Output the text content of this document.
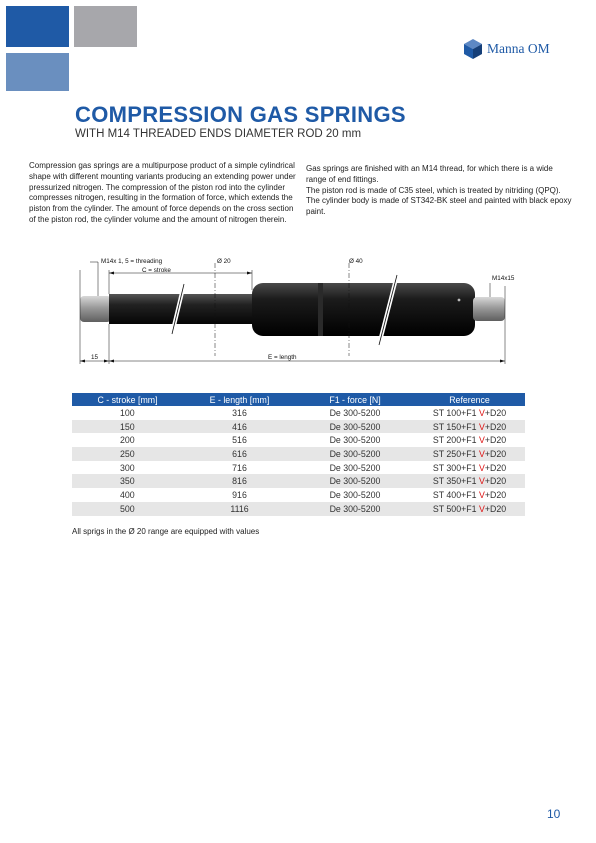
Manna OM
COMPRESSION GAS SPRINGS
WITH M14 THREADED ENDS DIAMETER ROD 20 mm
Compression gas springs are a multipurpose product of a simple cylindrical shape with different mounting variants producing an extending power under pressurized nitrogen. The compression of the piston rod into the cylinder compresses nitrogen, resulting in the formation of force, which extends the piston from the cylinder. The amount of force depends on the cross section of the piston rod, the cylinder volume and the amount of nitrogen therein.
Gas springs are finished with an M14 thread, for which there is a wide range of end fittings.
The piston rod is made of C35 steel, which is treated by nitriding (QPQ).
The cylinder body is made of ST342-BK steel and painted with black epoxy paint.
M14x 1, 5 = threading
C = stroke
Ø 20	Ø 40
M14x15
15	E = length
C - stroke [mm]	E - length [mm]	F1 - force [N]	Reference
100	316	De 300-5200	ST 100+F1 V+D20
150	416	De 300-5200	ST 150+F1 V+D20
200	516	De 300-5200	ST 200+F1 V+D20
250	616	De 300-5200	ST 250+F1 V+D20
300	716	De 300-5200	ST 300+F1 V+D20
350	816	De 300-5200	ST 350+F1 V+D20
400	916	De 300-5200	ST 400+F1 V+D20
500	1116	De 300-5200	ST 500+F1 V+D20
All sprigs in the Ø 20 range are equipped with values
10
